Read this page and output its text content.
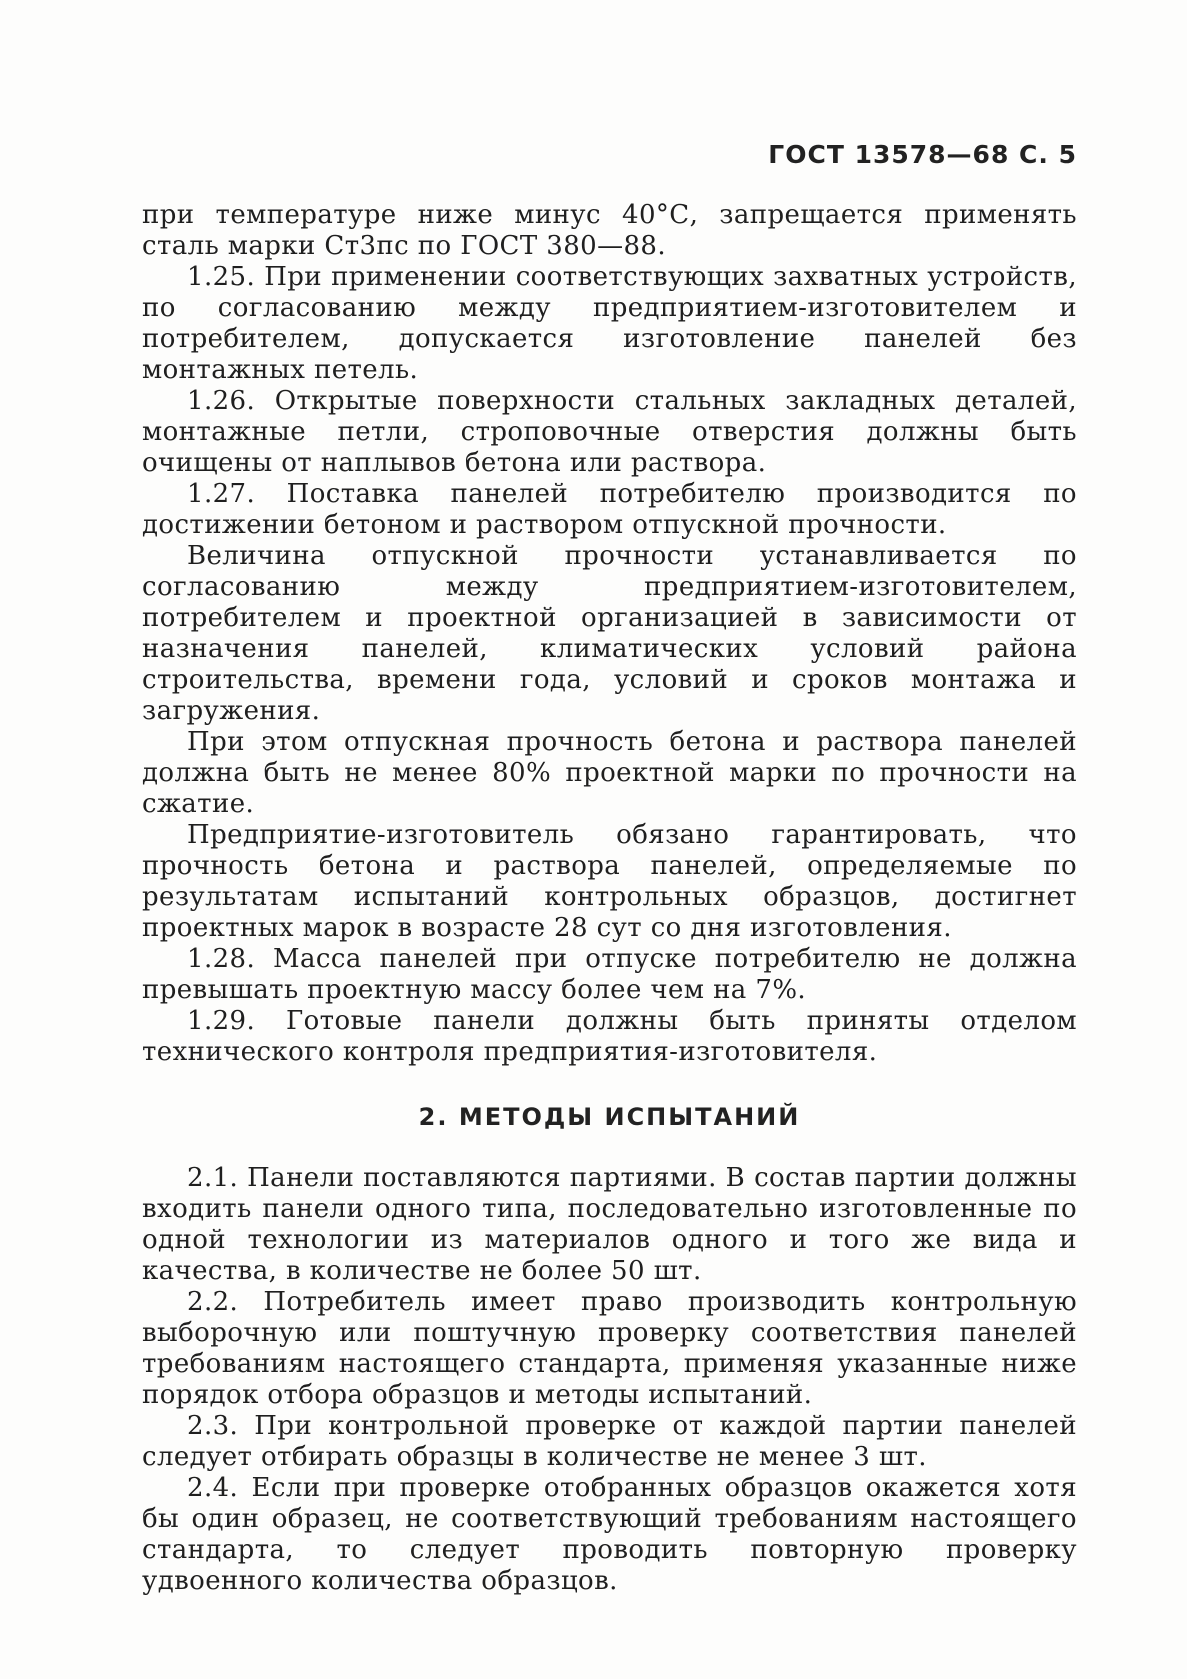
ГОСТ 13578—68 С. 5

при температуре ниже минус 40°С, запрещается применять сталь марки Ст3пс по ГОСТ 380—88.

1.25. При применении соответствующих захватных устройств, по согласованию между предприятием-изготовителем и потребителем, допускается изготовление панелей без монтажных петель.

1.26. Открытые поверхности стальных закладных деталей, монтажные петли, строповочные отверстия должны быть очищены от наплывов бетона или раствора.

1.27. Поставка панелей потребителю производится по достижении бетоном и раствором отпускной прочности.

Величина отпускной прочности устанавливается по согласованию между предприятием-изготовителем, потребителем и проектной организацией в зависимости от назначения панелей, климатических условий района строительства, времени года, условий и сроков монтажа и загружения.

При этом отпускная прочность бетона и раствора панелей должна быть не менее 80% проектной марки по прочности на сжатие.

Предприятие-изготовитель обязано гарантировать, что прочность бетона и раствора панелей, определяемые по результатам испытаний контрольных образцов, достигнет проектных марок в возрасте 28 сут со дня изготовления.

1.28. Масса панелей при отпуске потребителю не должна превышать проектную массу более чем на 7%.

1.29. Готовые панели должны быть приняты отделом технического контроля предприятия-изготовителя.

2. МЕТОДЫ ИСПЫТАНИЙ

2.1. Панели поставляются партиями. В состав партии должны входить панели одного типа, последовательно изготовленные по одной технологии из материалов одного и того же вида и качества, в количестве не более 50 шт.

2.2. Потребитель имеет право производить контрольную выборочную или поштучную проверку соответствия панелей требованиям настоящего стандарта, применяя указанные ниже порядок отбора образцов и методы испытаний.

2.3. При контрольной проверке от каждой партии панелей следует отбирать образцы в количестве не менее 3 шт.

2.4. Если при проверке отобранных образцов окажется хотя бы один образец, не соответствующий требованиям настоящего стандарта, то следует проводить повторную проверку удвоенного количества образцов.
